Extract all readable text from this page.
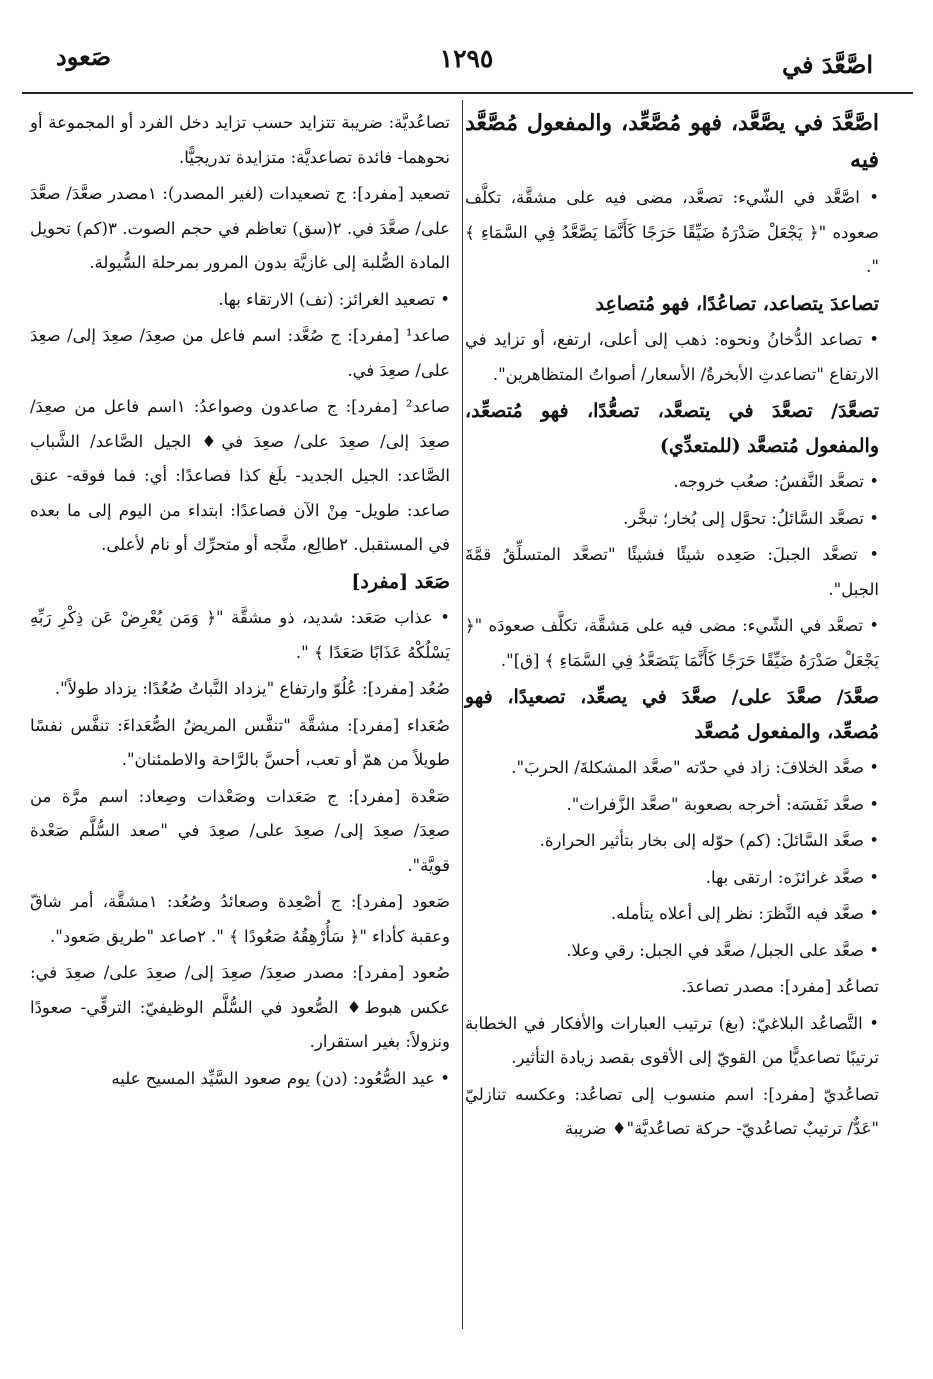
اصَّعَّدَ في
١٢٩٥
صَعود

اصَّعَّدَ في يصَّعَّد، فهو مُصَّعِّد، والمفعول مُصَّعَّد فيه

• اصَّعَّد في الشّيء: تصعَّد، مضى فيه على مشقَّة، تكلَّف صعوده "﴿ يَجْعَلْ صَدْرَهُ ضَيِّقًا حَرَجًا كَأَنَّمَا يَصَّعَّدُ فِي السَّمَاءِ ﴾ ".

تصاعدَ يتصاعد، تصاعُدًا، فهو مُتصاعِد

• تصاعد الدُّخانُ ونحوه: ذهب إلى أعلى، ارتفع، أو تزايد في الارتفاع "تصاعدتِ الأبخرةُ/ الأسعار/ أصواتُ المتظاهرين".

تصعَّدَ/ تصعَّدَ في يتصعَّد، تصعُّدًا، فهو مُتصعِّد، والمفعول مُتصعَّد (للمتعدِّي)

• تصعَّد النَّفسُ: صعُب خروجه.

• تصعَّد السَّائلُ: تحوَّل إلى بُخار؛ تبخَّر.

• تصعَّد الجبلَ: صَعِده شيئًا فشيئًا "تصعَّد المتسلِّقُ قمَّةَ الجبل".

• تصعَّد في الشّيء: مضى فيه على مَشقَّة، تكلَّف صعودَه "﴿ يَجْعَلْ صَدْرَهُ ضَيِّقًا حَرَجًا كَأَنَّمَا يَتَصَعَّدُ فِي السَّمَاءِ ﴾ [ق]".

صعَّدَ/ صعَّدَ على/ صعَّدَ في يصعِّد، تصعيدًا، فهو مُصعِّد، والمفعول مُصعَّد

• صعَّد الخلافَ: زاد في حدّته "صعَّد المشكلةَ/ الحربَ".

• صعَّد نَفَسَه: أخرجه بصعوبة "صعَّد الزَّفرات".

• صعَّد السَّائلَ: (كم) حوّله إلى بخار بتأثير الحرارة.

• صعَّد غرائزَه: ارتقى بها.

• صعَّد فيه النَّظرَ: نظر إلى أعلاه يتأمله.

• صعَّد على الجبل/ صعَّد في الجبل: رقي وعلا.

تصاعُد [مفرد]: مصدر تصاعدَ.

• التَّصاعُد البلاغيّ: (بغ) ترتيب العبارات والأفكار في الخطابة ترتيبًا تصاعديًّا من القويّ إلى الأقوى بقصد زيادة التأثير.

تصاعُديّ [مفرد]: اسم منسوب إلى تصاعُد: وعكسه تنازليّ "عَدٌّ/ ترتيبٌ تصاعُديّ- حركة تصاعُديَّة"♦ ضريبة

تصاعُديَّة: ضريبة تتزايد حسب تزايد دخل الفرد أو المجموعة أو نحوهما- فائدة تصاعديَّة: متزايدة تدريجيًّا.

تصعيد [مفرد]: ج تصعيدات (لغير المصدر): ١مصدر صعَّدَ/ صعَّدَ على/ صعَّدَ في. ٢(سق) تعاظم في حجم الصوت. ٣(كم) تحويل المادة الصُّلبة إلى غازيَّة بدون المرور بمرحلة السُّيولة.

• تصعيد الغرائز: (نف) الارتقاء بها.

صاعد¹ [مفرد]: ج صُعَّد: اسم فاعل من صعِدَ/ صعِدَ إلى/ صعِدَ على/ صعِدَ في.

صاعد² [مفرد]: ج صاعدون وصواعدُ: ١اسم فاعل من صعِدَ/ صعِدَ إلى/ صعِدَ على/ صعِدَ في♦ الجيل الصَّاعد/ الشَّباب الصَّاعد: الجيل الجديد- بلَغ كذا فصاعدًا: أي: فما فوقه- عنق صاعد: طويل- مِنْ الآن فصاعدًا: ابتداء من اليوم إلى ما بعده في المستقبل. ٢طالِع، متَّجه أو متحرِّك أو نام لأعلى.

صَعَد [مفرد]

• عذاب صَعَد: شديد، ذو مشقَّة "﴿ وَمَن يُعْرِضْ عَن ذِكْرِ رَبِّهِ يَسْلُكْهُ عَذَابًا صَعَدًا ﴾ ".

صُعُد [مفرد]: عُلُوّ وارتفاع "يزداد النَّباتُ صُعُدًا: يزداد طولاً".

صُعَداء [مفرد]: مشقَّة "تنفَّس المريضُ الصُّعَداءَ: تنفَّس نفسًا طويلاً من همّ أو تعب، أحسَّ بالرَّاحة والاطمئنان".

صَعْدة [مفرد]: ج صَعَدات وصَعْدات وصِعاد: اسم مرَّة من صعِدَ/ صعِدَ إلى/ صعِدَ على/ صعِدَ في "صعد السُّلَّم صَعْدة قويَّة".

صَعود [مفرد]: ج أصْعِدة وصعائدُ وصُعُد: ١مشقَّة، أمر شاقّ وعقبة كأداء "﴿ سَأُرْهِقُهُ صَعُودًا ﴾ ". ٢صاعد "طريق صَعود".

صُعود [مفرد]: مصدر صعِدَ/ صعِدَ إلى/ صعِدَ على/ صعِدَ في: عكس هبوط♦ الصُّعود في السُّلَّم الوظيفيّ: الترقِّي- صعودًا ونزولاً: بغير استقرار.

• عيد الصُّعُود: (دن) يوم صعود السَّيِّد المسيح عليه
